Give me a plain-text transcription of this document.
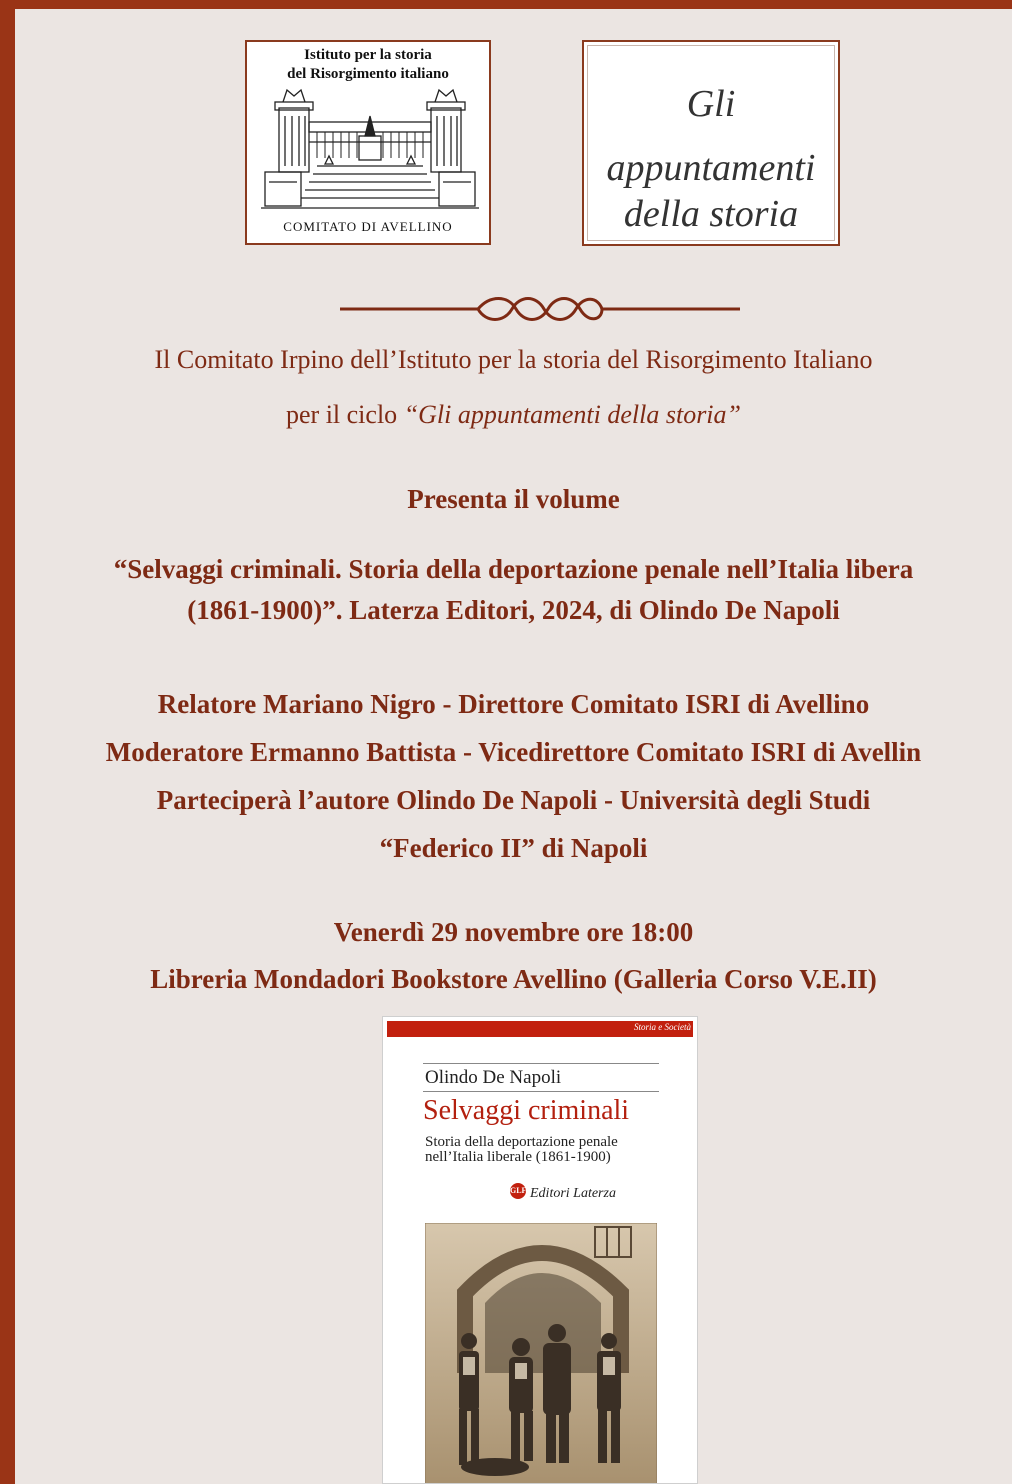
Istituto per la storia
del Risorgimento italiano
COMITATO DI AVELLINO
Gli
appuntamenti
della storia
Il Comitato Irpino dell’Istituto per la storia del Risorgimento Italiano
per il ciclo “Gli appuntamenti della storia”
Presenta il volume
“Selvaggi criminali. Storia della deportazione penale nell’Italia libera
(1861-1900)”. Laterza Editori, 2024, di Olindo De Napoli
Relatore Mariano Nigro - Direttore Comitato ISRI di Avellino
Moderatore Ermanno Battista - Vicedirettore Comitato ISRI di Avellin
Parteciperà l’autore Olindo De Napoli - Università degli Studi
“Federico II” di Napoli
Venerdì 29 novembre ore 18:00
Libreria Mondadori Bookstore Avellino (Galleria Corso V.E.II)
Storia e Società
Olindo De Napoli
Selvaggi criminali
Storia della deportazione penale
nell’Italia liberale (1861-1900)
GLF Editori Laterza
